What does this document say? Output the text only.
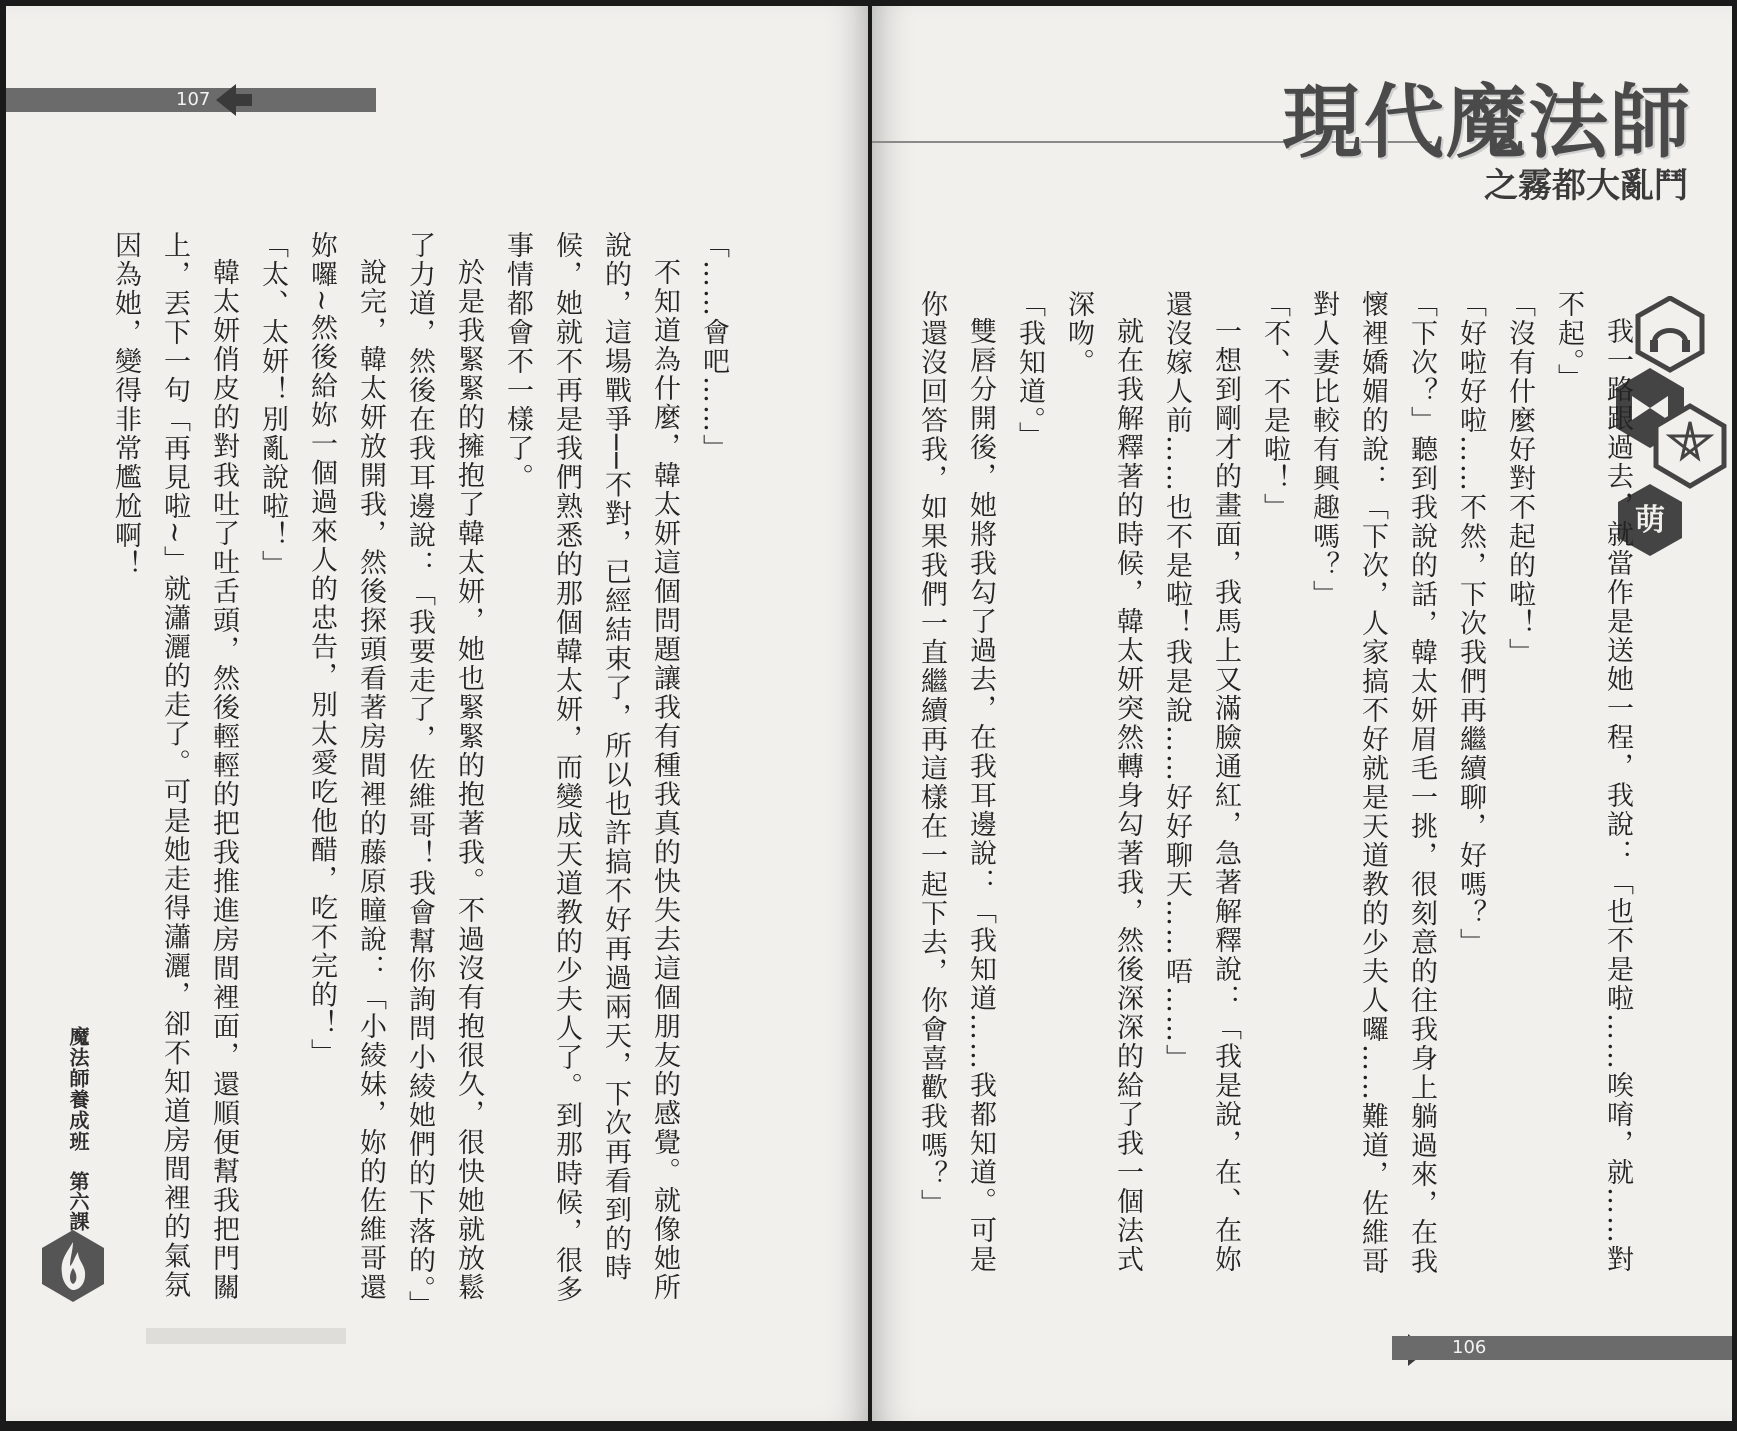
107

「……會吧……」

不知道為什麼，韓太妍這個問題讓我有種我真的快失去這個朋友的感覺。就像她所說的，這場戰爭──不對，已經結束了，所以也許搞不好再過兩天，下次再看到的時候，她就不再是我們熟悉的那個韓太妍，而變成天道教的少夫人了。到那時候，很多事情都會不一樣了。

於是我緊緊的擁抱了韓太妍，她也緊緊的抱著我。不過沒有抱很久，很快她就放鬆了力道，然後在我耳邊說：「我要走了，佐維哥！我會幫你詢問小綾她們的下落的。」

說完，韓太妍放開我，然後探頭看著房間裡的藤原瞳說：「小綾妹，妳的佐維哥還妳囉~然後給妳一個過來人的忠告，別太愛吃他醋，吃不完的！」

「太、太妍！別亂說啦！」

韓太妍俏皮的對我吐了吐舌頭，然後輕輕的把我推進房間裡面，還順便幫我把門關上，丟下一句「再見啦~」就瀟灑的走了。可是她走得瀟灑，卻不知道房間裡的氣氛因為她，變得非常尷尬啊！

魔法師養成班
第六課
現代魔法師
之霧都大亂鬥
萌

我一路跟過去，就當作是送她一程，我說：「也不是啦……唉唷，就……對不起。」

「沒有什麼好對不起的啦！」

「好啦好啦……不然，下次我們再繼續聊，好嗎？」

「下次？」聽到我說的話，韓太妍眉毛一挑，很刻意的往我身上躺過來，在我懷裡嬌媚的說：「下次，人家搞不好就是天道教的少夫人囉……難道，佐維哥對人妻比較有興趣嗎？」

「不、不是啦！」

一想到剛才的畫面，我馬上又滿臉通紅，急著解釋說：「我是說，在、在妳還沒嫁人前……也不是啦！我是說……好好聊天……唔……」

就在我解釋著的時候，韓太妍突然轉身勾著我，然後深深的給了我一個法式深吻。

「我知道。」

雙唇分開後，她將我勾了過去，在我耳邊說：「我知道……我都知道。可是你還沒回答我，如果我們一直繼續再這樣在一起下去，你會喜歡我嗎？」

106
